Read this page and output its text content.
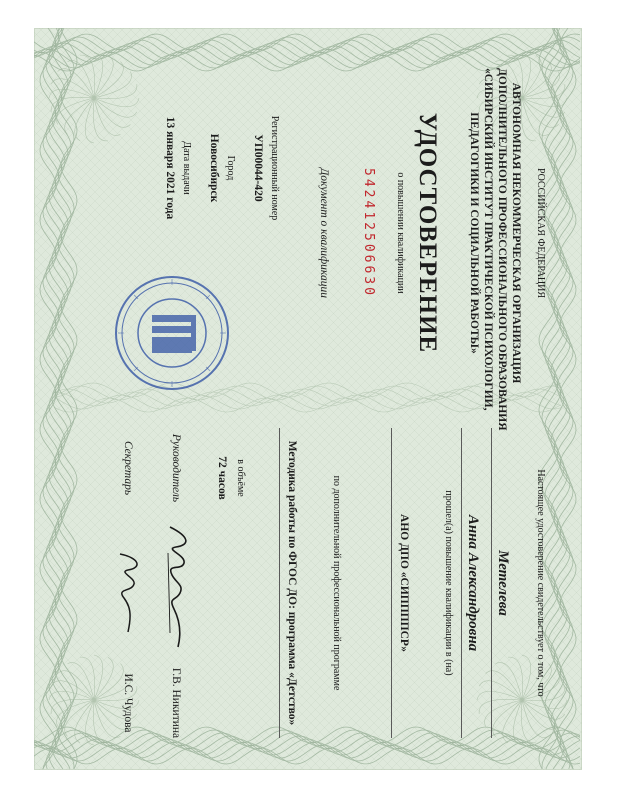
РОССИЙСКАЯ ФЕДЕРАЦИЯ
АВТОНОМНАЯ НЕКОММЕРЧЕСКАЯ ОРГАНИЗАЦИЯ
ДОПОЛНИТЕЛЬНОГО ПРОФЕССИОНАЛЬНОГО ОБРАЗОВАНИЯ
«СИБИРСКИЙ ИНСТИТУТ ПРАКТИЧЕСКОЙ ПСИХОЛОГИИ,
ПЕДАГОГИКИ И СОЦИАЛЬНОЙ РАБОТЫ»
УДОСТОВЕРЕНИЕ
о повышении квалификации
542412506630
Документ о квалификации
Регистрационный номер
УП00044-420
Город
Новосибирск
Дата выдачи
13 января 2021 года
Настоящее удостоверение свидетельствует о том, что
Метелева
Анна Александровна
прошел(а) повышение квалификации в (на)
АНО ДПО «СИППППСР»
по дополнительной профессиональной программе
Методика работы по ФГОС ДО: программа «Детство»
в объёме
72 часов
Руководитель
Г.В. Никитина
Секретарь
И.С. Чудова
